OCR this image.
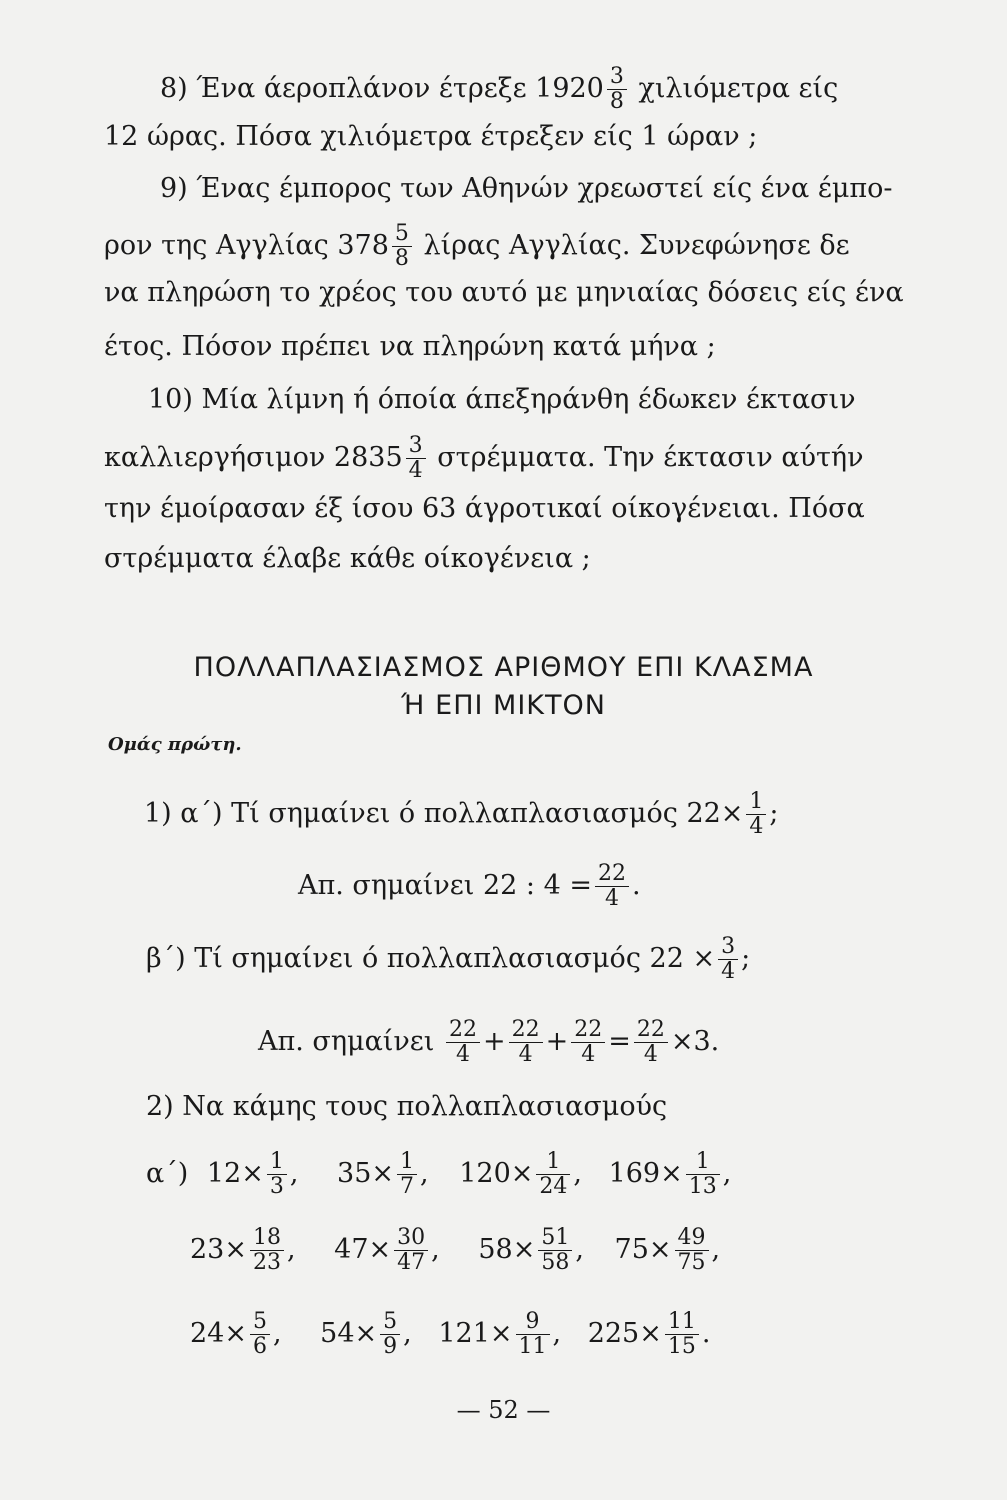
8) Ένα άεροπλάνον έτρεξε $1920 \frac{3}{8}$ χιλιόμετρα είς
12 ώρας. Πόσα χιλιόμετρα έτρεξεν είς 1 ώραν ;
9) Ένας έμπορος των Αθηνών χρεωστεί είς ένα έμπο-
ρον της Αγγλίας $378 \frac{5}{8}$ λίρας Αγγλίας. Συνεφώνησε δε
να πληρώση το χρέος του αυτό με μηνιαίας δόσεις είς ένα
έτος. Πόσον πρέπει να πληρώνη κατά μήνα ;
10) Μία λίμνη ή όποία άπεξηράνθη έδωκεν έκτασιν
καλλιεργήσιμον $2835 \frac{3}{4} \sigma\tau\rho έ\mu\mu\alpha\tau\alpha$. Την έκτασιν αύτήν
την έμοίρασαν έξ ίσου 63 άγροτικαί οίκογένειαι. Πόσα
στρέμματα έλαβε κάθε οίκογένεια ;
ΠΟΛΛΑΠΛΑΣΙΑΣΜΟΣ ΑΡΙΘΜΟΥ ΕΠΙ ΚΛΑΣΜΑ
Ή ΕΠΙ ΜΙΚΤΟΝ
Ομάς πρώτη.
1) α΄) Τί σημαίνει ό πολλαπλασιασμός $22\times \frac{1}{4}$ ;
Απ. σημαίνει 22 : $4 = \frac{22}{4}$ .
β΄) Τί σημαίνει ό πολλαπλασιασμός $22 \times \frac{3}{4}$ ;
Απ. σημαίνει $\frac{22}{4} + \frac{22}{4} + \frac{22}{4} = \frac{22}{4} \times 3$.
2) Να κάμης τους πολλαπλασιασμούς
α΄) $12\times \frac{1}{3}$ , $35\times \frac{1}{7}$ , $120\times \frac{1}{24}$ , $169\times \frac{1}{13}$ ,
$23\times \frac{18}{23}$ , $47\times \frac{30}{47}$ , $58\times \frac{51}{58}$ , $75\times \frac{49}{75}$ ,
$24\times \frac{5}{6}$ , $54\times \frac{5}{9}$ , $121\times \frac{9}{11}$ , $225\times \frac{11}{15}$ .
— 52 —
